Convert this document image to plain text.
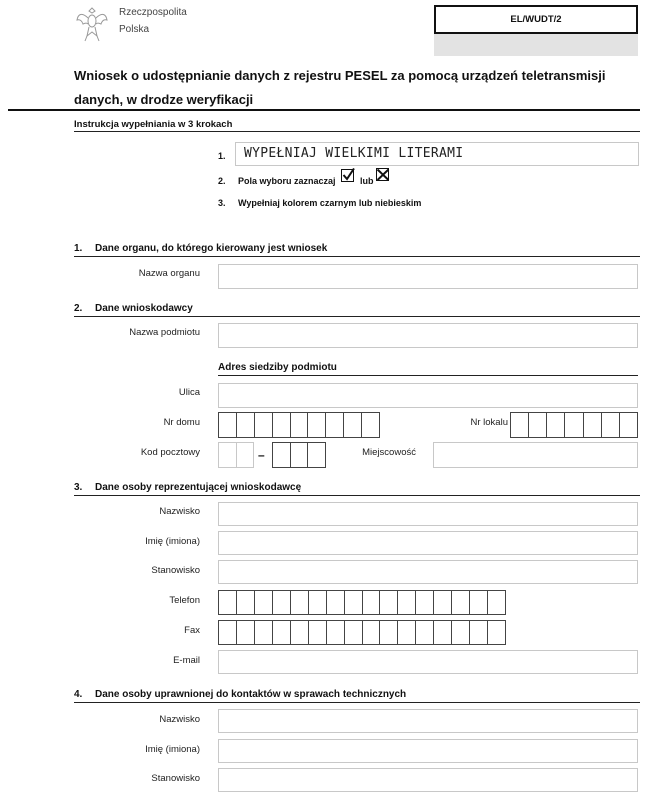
Rzeczpospolita
Polska
EL/WUDT/2
Wniosek o udostępnianie danych z rejestru PESEL za pomocą urządzeń teletransmisji
danych, w drodze weryfikacji
Instrukcja wypełniania w 3 krokach
1. WYPEŁNIAJ WIELKIMI LITERAMI
2. Pola wyboru zaznaczaj	lub
3. Wypełniaj kolorem czarnym lub niebieskim
1. Dane organu, do którego kierowany jest wniosek
Nazwa organu
2. Dane wnioskodawcy
Nazwa podmiotu
Adres siedziby podmiotu
Ulica
Nr domu	Nr lokalu
Kod pocztowy	–	Miejscowość
3. Dane osoby reprezentującej wnioskodawcę
Nazwisko
Imię (imiona)
Stanowisko
Telefon
Fax
E-mail
4. Dane osoby uprawnionej do kontaktów w sprawach technicznych
Nazwisko
Imię (imiona)
Stanowisko
